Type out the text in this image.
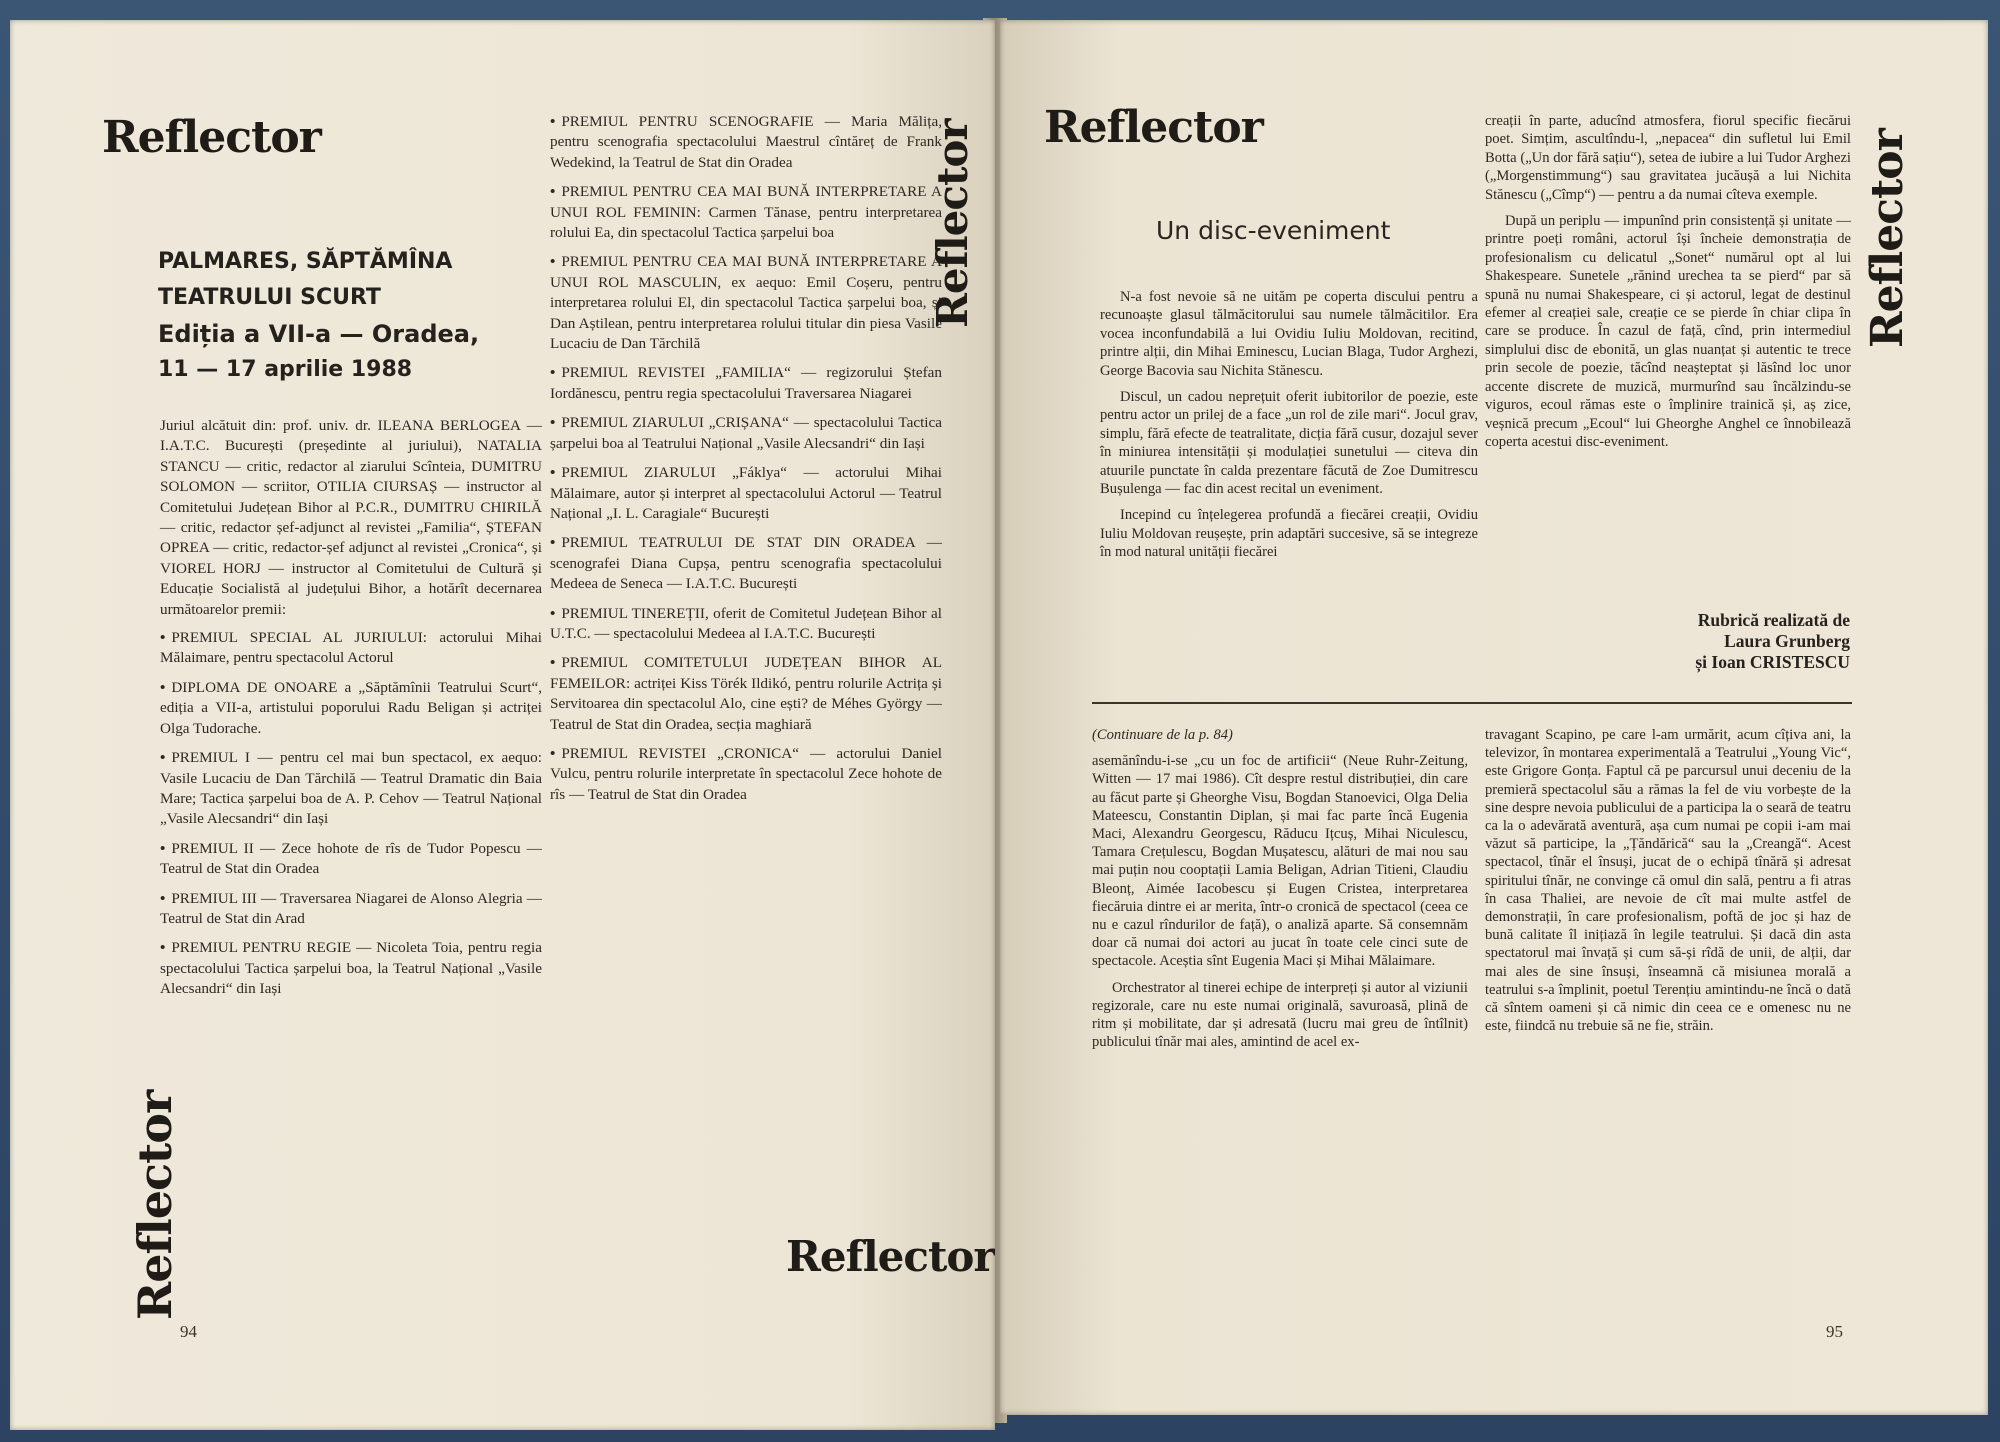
Reflector
PALMARES, SĂPTĂMÎNA
TEATRULUI SCURT
Ediția a VII-a — Oradea,
11 — 17 aprilie 1988

Juriul alcătuit din: prof. univ. dr. ILEANA BERLOGEA — I.A.T.C. București (președinte al juriului), NATALIA STANCU — critic, redactor al ziarului Scînteia, DUMITRU SOLOMON — scriitor, OTILIA CIURSAȘ — instructor al Comitetului Județean Bihor al P.C.R., DUMITRU CHIRILĂ — critic, redactor șef-adjunct al revistei „Familia“, ȘTEFAN OPREA — critic, redactor-șef adjunct al revistei „Cronica“, și VIOREL HORJ — instructor al Comitetului de Cultură și Educație Socialistă al județului Bihor, a hotărît decernarea următoarelor premii:

• PREMIUL SPECIAL AL JURIULUI: actorului Mihai Mălaimare, pentru spectacolul Actorul
• DIPLOMA DE ONOARE a „Săptămînii Teatrului Scurt“, ediția a VII-a, artistului poporului Radu Beligan și actriței Olga Tudorache.
• PREMIUL I — pentru cel mai bun spectacol, ex aequo: Vasile Lucaciu de Dan Tărchilă — Teatrul Dramatic din Baia Mare; Tactica șarpelui boa de A. P. Cehov — Teatrul Național „Vasile Alecsandri“ din Iași
• PREMIUL II — Zece hohote de rîs de Tudor Popescu — Teatrul de Stat din Oradea
• PREMIUL III — Traversarea Niagarei de Alonso Alegria — Teatrul de Stat din Arad
• PREMIUL PENTRU REGIE — Nicoleta Toia, pentru regia spectacolului Tactica șarpelui boa, la Teatrul Național „Vasile Alecsandri“ din Iași
Reflector
• PREMIUL PENTRU SCENOGRAFIE — Maria Mălița, pentru scenografia spectacolului Maestrul cîntăreț de Frank Wedekind, la Teatrul de Stat din Oradea
• PREMIUL PENTRU CEA MAI BUNĂ INTERPRETARE A UNUI ROL FEMININ: Carmen Tănase, pentru interpretarea rolului Ea, din spectacolul Tactica șarpelui boa
• PREMIUL PENTRU CEA MAI BUNĂ INTERPRETARE A UNUI ROL MASCULIN, ex aequo: Emil Coșeru, pentru interpretarea rolului El, din spectacolul Tactica șarpelui boa, și Dan Aștilean, pentru interpretarea rolului titular din piesa Vasile Lucaciu de Dan Tărchilă
• PREMIUL REVISTEI „FAMILIA“ — regizorului Ștefan Iordănescu, pentru regia spectacolului Traversarea Niagarei
• PREMIUL ZIARULUI „CRIȘANA“ — spectacolului Tactica șarpelui boa al Teatrului Național „Vasile Alecsandri“ din Iași
• PREMIUL ZIARULUI „Fáklya“ — actorului Mihai Mălaimare, autor și interpret al spectacolului Actorul — Teatrul Național „I. L. Caragiale“ București
• PREMIUL TEATRULUI DE STAT DIN ORADEA — scenografei Diana Cupșa, pentru scenografia spectacolului Medeea de Seneca — I.A.T.C. București
• PREMIUL TINEREȚII, oferit de Comitetul Județean Bihor al U.T.C. — spectacolului Medeea al I.A.T.C. București
• PREMIUL COMITETULUI JUDEȚEAN BIHOR AL FEMEILOR: actriței Kiss Törék Ildikó, pentru rolurile Actrița și Servitoarea din spectacolul Alo, cine ești? de Méhes György — Teatrul de Stat din Oradea, secția maghiară
• PREMIUL REVISTEI „CRONICA“ — actorului Daniel Vulcu, pentru rolurile interpretate în spectacolul Zece hohote de rîs — Teatrul de Stat din Oradea
Reflector
Reflector
94
Reflector
Un disc-eveniment

N-a fost nevoie să ne uităm pe coperta discului pentru a recunoaște glasul tălmăcitorului sau numele tălmăcitilor. Era vocea inconfundabilă a lui Ovidiu Iuliu Moldovan, recitind, printre alții, din Mihai Eminescu, Lucian Blaga, Tudor Arghezi, George Bacovia sau Nichita Stănescu.

Discul, un cadou neprețuit oferit iubitorilor de poezie, este pentru actor un prilej de a face „un rol de zile mari“. Jocul grav, simplu, fără efecte de teatralitate, dicția fără cusur, dozajul sever în miniurea intensității și modulației sunetului — citeva din atuurile punctate în calda prezentare făcută de Zoe Dumitrescu Bușulenga — fac din acest recital un eveniment.

Incepind cu înțelegerea profundă a fiecărei creații, Ovidiu Iuliu Moldovan reușește, prin adaptări succesive, să se integreze în mod natural unității fiecărei

creații în parte, aducînd atmosfera, fiorul specific fiecărui poet. Simțim, ascultîndu-l, „nepacea“ din sufletul lui Emil Botta („Un dor fără sațiu“), setea de iubire a lui Tudor Arghezi („Morgenstimmung“) sau gravitatea jucăușă a lui Nichita Stănescu („Cîmp“) — pentru a da numai cîteva exemple.

După un periplu — impunînd prin consistență și unitate — printre poeți români, actorul își încheie demonstrația de profesionalism cu delicatul „Sonet“ numărul opt al lui Shakespeare. Sunetele „rănind urechea ta se pierd“ par să spună nu numai Shakespeare, ci și actorul, legat de destinul efemer al creației sale, creație ce se pierde în chiar clipa în care se produce. În cazul de față, cînd, prin intermediul simplului disc de ebonită, un glas nuanțat și autentic te trece prin secole de poezie, tăcînd neașteptat și lăsînd loc unor accente discrete de muzică, murmurînd sau încălzindu-se viguros, ecoul rămas este o împlinire trainică și, aș zice, veșnică precum „Ecoul“ lui Gheorghe Anghel ce înnobilează coperta acestui disc-eveniment.

Rubrică realizată de
Laura Grunberg
și Ioan CRISTESCU
Reflector

(Continuare de la p. 84)

asemănîndu-i-se „cu un foc de artificii“ (Neue Ruhr-Zeitung, Witten — 17 mai 1986). Cît despre restul distribuției, din care au făcut parte și Gheorghe Visu, Bogdan Stanoevici, Olga Delia Mateescu, Constantin Diplan, și mai fac parte încă Eugenia Maci, Alexandru Georgescu, Răducu Ițcuș, Mihai Niculescu, Tamara Crețulescu, Bogdan Mușatescu, alături de mai nou sau mai puțin nou cooptații Lamia Beligan, Adrian Titieni, Claudiu Bleonț, Aimée Iacobescu și Eugen Cristea, interpretarea fiecăruia dintre ei ar merita, într-o cronică de spectacol (ceea ce nu e cazul rîndurilor de față), o analiză aparte. Să consemnăm doar că numai doi actori au jucat în toate cele cinci sute de spectacole. Aceștia sînt Eugenia Maci și Mihai Mălaimare.

Orchestrator al tinerei echipe de interpreți și autor al viziunii regizorale, care nu este numai originală, savuroasă, plină de ritm și mobilitate, dar și adresată (lucru mai greu de întîlnit) publicului tînăr mai ales, amintind de acel ex-

travagant Scapino, pe care l-am urmărit, acum cîțiva ani, la televizor, în montarea experimentală a Teatrului „Young Vic“, este Grigore Gonța. Faptul că pe parcursul unui deceniu de la premieră spectacolul său a rămas la fel de viu vorbește de la sine despre nevoia publicului de a participa la o seară de teatru ca la o adevărată aventură, așa cum numai pe copii i-am mai văzut să participe, la „Țăndărică“ sau la „Creangă“. Acest spectacol, tînăr el însuși, jucat de o echipă tînără și adresat spiritului tînăr, ne convinge că omul din sală, pentru a fi atras în casa Thaliei, are nevoie de cît mai multe astfel de demonstrații, în care profesionalism, poftă de joc și haz de bună calitate îl inițiază în legile teatrului. Și dacă din asta spectatorul mai învață și cum să-și rîdă de unii, de alții, dar mai ales de sine însuși, înseamnă că misiunea morală a teatrului s-a împlinit, poetul Terențiu amintindu-ne încă o dată că sîntem oameni și că nimic din ceea ce e omenesc nu ne este, fiindcă nu trebuie să ne fie, străin.

95
